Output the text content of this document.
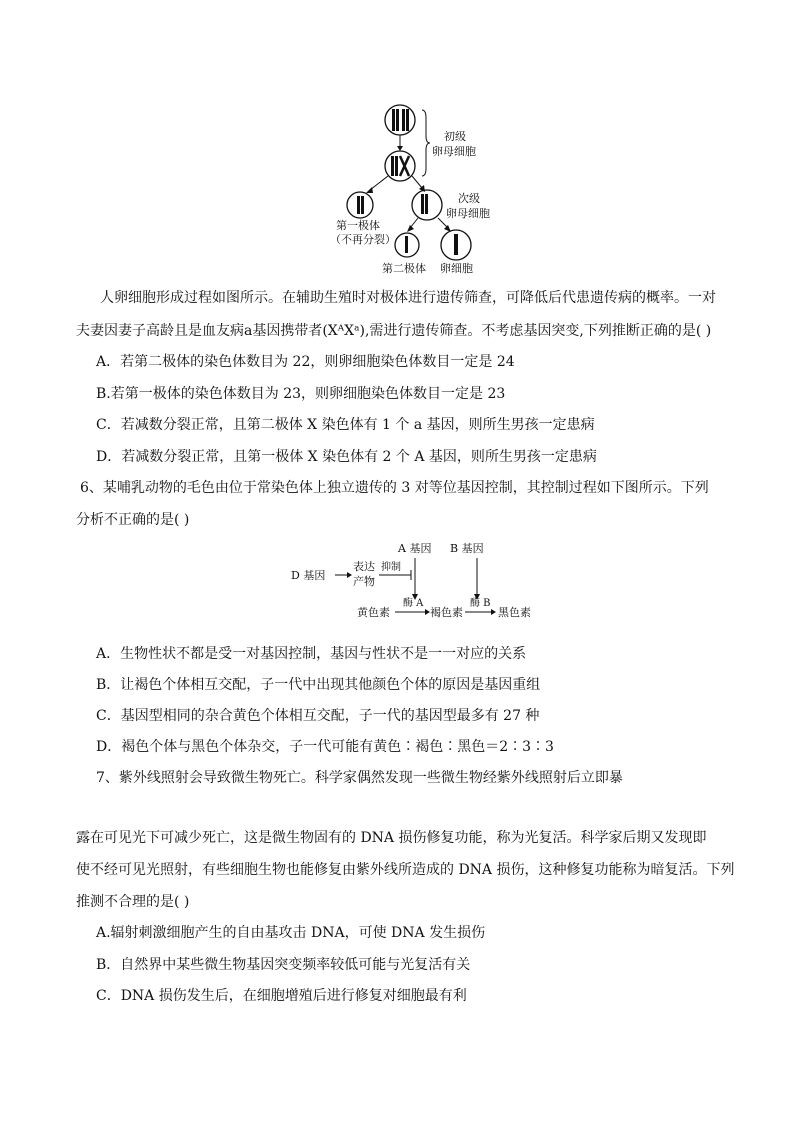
初级
卵母细胞
第一极体
（不再分裂）
次级
卵母细胞
第二极体 卵细胞
人卵细胞形成过程如图所示。在辅助生殖时对极体进行遗传筛查，可降低后代患遗传病的概率。一对
夫妻因妻子高龄且是血友病a基因携带者(XᴬXᵃ),需进行遗传筛查。不考虑基因突变,下列推断正确的是( )
A．若第二极体的染色体数目为 22，则卵细胞染色体数目一定是 24
B.若第一极体的染色体数目为 23，则卵细胞染色体数目一定是 23
C．若减数分裂正常，且第二极体 X 染色体有 1 个 a 基因，则所生男孩一定患病
D．若减数分裂正常，且第一极体 X 染色体有 2 个 A 基因，则所生男孩一定患病
6、某哺乳动物的毛色由位于常染色体上独立遗传的 3 对等位基因控制，其控制过程如下图所示。下列
分析不正确的是( )
A 基因 B 基因
D 基因
表达
产物
抑制
黄色素
酶 A
褐色素
酶 B
黑色素
A．生物性状不都是受一对基因控制，基因与性状不是一一对应的关系
B．让褐色个体相互交配，子一代中出现其他颜色个体的原因是基因重组
C．基因型相同的杂合黄色个体相互交配，子一代的基因型最多有 27 种
D．褐色个体与黑色个体杂交，子一代可能有黄色∶褐色∶黑色＝2∶3∶3
7、紫外线照射会导致微生物死亡。科学家偶然发现一些微生物经紫外线照射后立即暴
露在可见光下可减少死亡，这是微生物固有的 DNA 损伤修复功能，称为光复活。科学家后期又发现即
使不经可见光照射，有些细胞生物也能修复由紫外线所造成的 DNA 损伤，这种修复功能称为暗复活。下列
推测不合理的是( )
A.辐射刺激细胞产生的自由基攻击 DNA，可使 DNA 发生损伤
B．自然界中某些微生物基因突变频率较低可能与光复活有关
C．DNA 损伤发生后，在细胞增殖后进行修复对细胞最有利
